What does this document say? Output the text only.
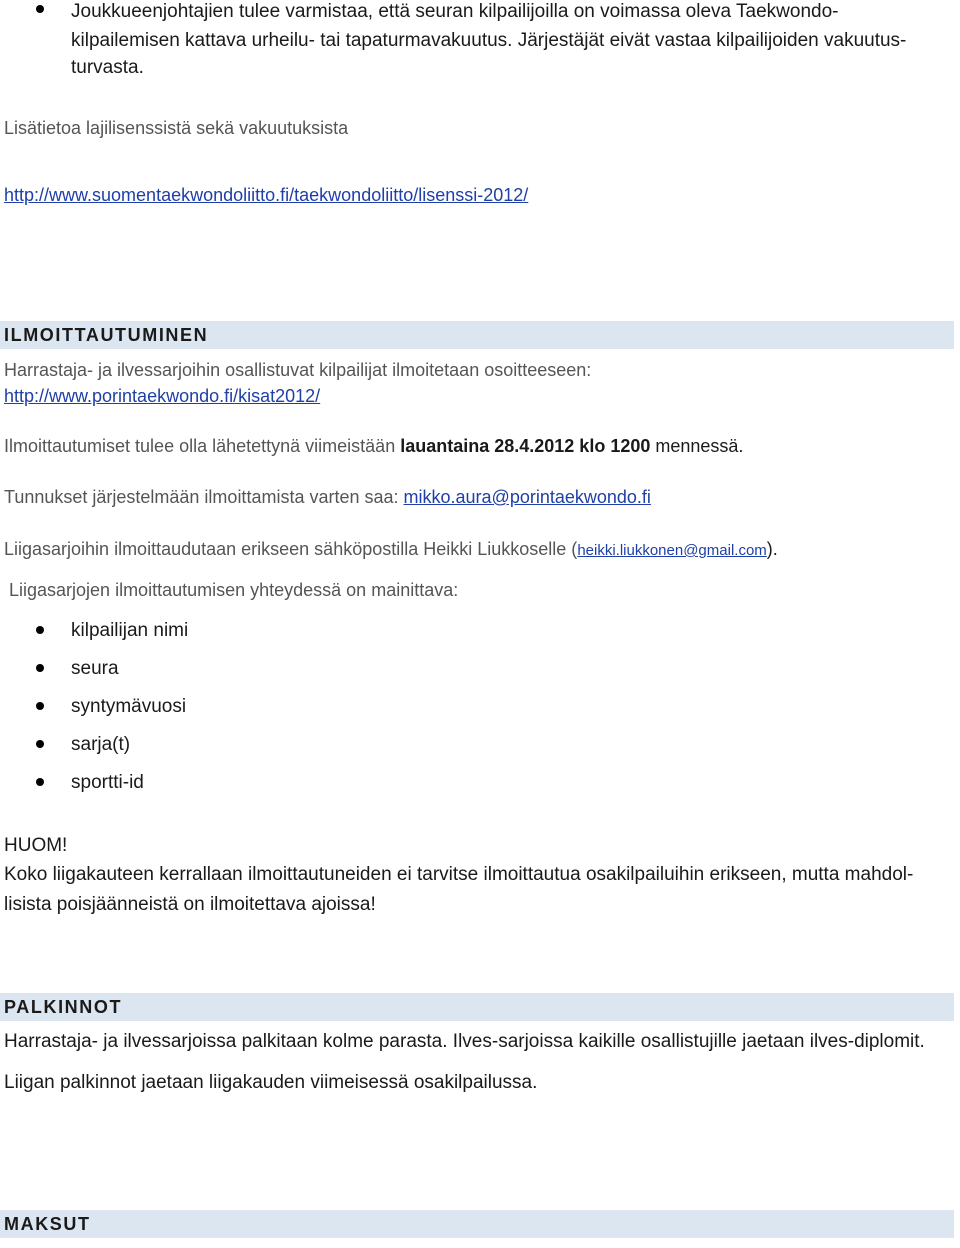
Joukkueenjohtajien tulee varmistaa, että seuran kilpailijoilla on voimassa oleva Taekwondo-
kilpailemisen kattava urheilu- tai tapaturmavakuutus. Järjestäjät eivät vastaa kilpailijoiden vakuutus-
turvasta.
Lisätietoa lajilisenssistä sekä vakuutuksista
http://www.suomentaekwondoliitto.fi/taekwondoliitto/lisenssi-2012/
ILMOITTAUTUMINEN
Harrastaja- ja ilvessarjoihin osallistuvat kilpailijat ilmoitetaan osoitteeseen:
http://www.porintaekwondo.fi/kisat2012/
Ilmoittautumiset tulee olla lähetettynä viimeistään lauantaina 28.4.2012 klo 1200 mennessä.
Tunnukset järjestelmään ilmoittamista varten saa: mikko.aura@porintaekwondo.fi
Liigasarjoihin ilmoittaudutaan erikseen sähköpostilla Heikki Liukkoselle (heikki.liukkonen@gmail.com).
Liigasarjojen ilmoittautumisen yhteydessä on mainittava:
kilpailijan nimi
seura
syntymävuosi
sarja(t)
sportti-id
HUOM!
Koko liigakauteen kerrallaan ilmoittautuneiden ei tarvitse ilmoittautua osakilpailuihin erikseen, mutta mahdol-
lisista poisjäänneistä on ilmoitettava ajoissa!
PALKINNOT
Harrastaja- ja ilvessarjoissa palkitaan kolme parasta. Ilves-sarjoissa kaikille osallistujille jaetaan ilves-diplomit.
Liigan palkinnot jaetaan liigakauden viimeisessä osakilpailussa.
MAKSUT
